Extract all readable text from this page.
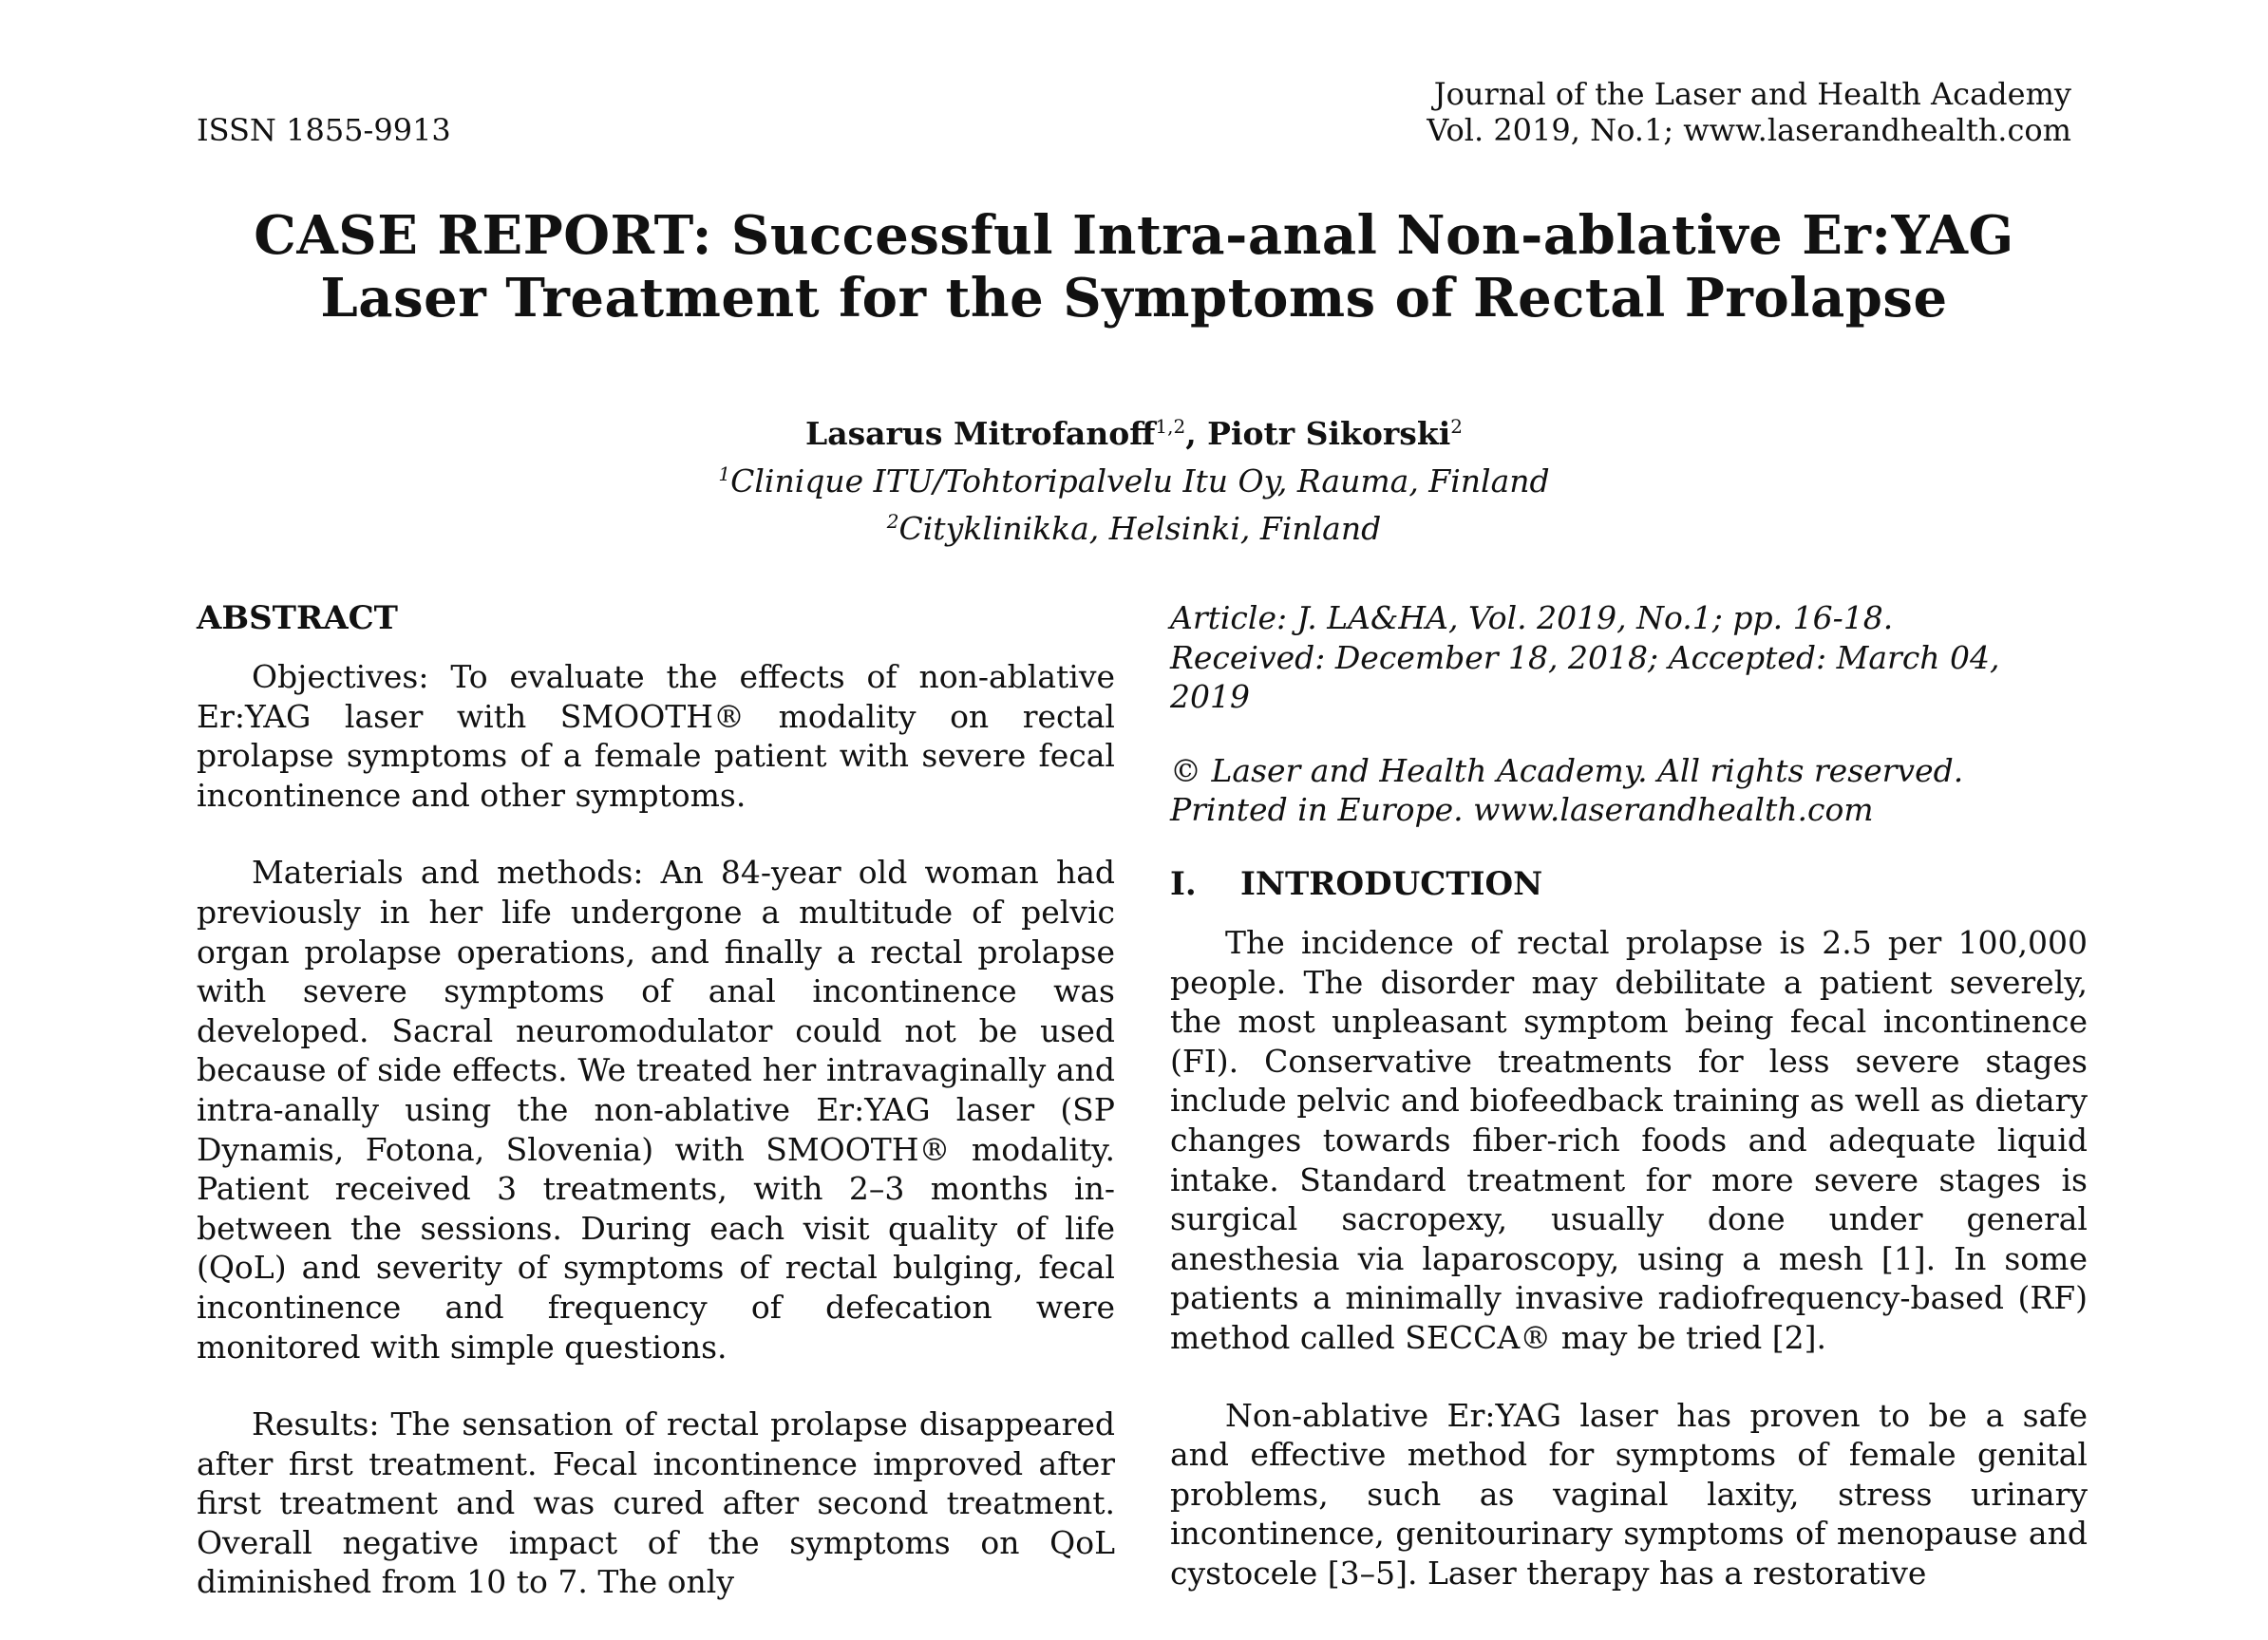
ISSN 1855-9913
Journal of the Laser and Health Academy
Vol. 2019, No.1; www.laserandhealth.com
CASE REPORT: Successful Intra-anal Non-ablative Er:YAG
Laser Treatment for the Symptoms of Rectal Prolapse
Lasarus Mitrofanoff$^{1,2}$, Piotr Sikorski$^2$
$^1$Clinique ITU/Tohtoripalvelu Itu Oy, Rauma, Finland
$^2$Cityklinikka, Helsinki, Finland
ABSTRACT

Objectives: To evaluate the effects of non-ablative Er:YAG laser with SMOOTH® modality on rectal prolapse symptoms of a female patient with severe fecal incontinence and other symptoms.

Materials and methods: An 84-year old woman had previously in her life undergone a multitude of pelvic organ prolapse operations, and finally a rectal prolapse with severe symptoms of anal incontinence was developed. Sacral neuromodulator could not be used because of side effects. We treated her intravaginally and intra-anally using the non-ablative Er:YAG laser (SP Dynamis, Fotona, Slovenia) with SMOOTH® modality. Patient received 3 treatments, with 2–3 months in-between the sessions. During each visit quality of life (QoL) and severity of symptoms of rectal bulging, fecal incontinence and frequency of defecation were monitored with simple questions.

Results: The sensation of rectal prolapse disappeared after first treatment. Fecal incontinence improved after first treatment and was cured after second treatment. Overall negative impact of the symptoms on QoL diminished from 10 to 7. The only

Article: J. LA&HA, Vol. 2019, No.1; pp. 16-18.
Received: December 18, 2018; Accepted: March 04, 2019
© Laser and Health Academy. All rights reserved.
Printed in Europe. www.laserandhealth.com
I. INTRODUCTION

The incidence of rectal prolapse is 2.5 per 100,000 people. The disorder may debilitate a patient severely, the most unpleasant symptom being fecal incontinence (FI). Conservative treatments for less severe stages include pelvic and biofeedback training as well as dietary changes towards fiber-rich foods and adequate liquid intake. Standard treatment for more severe stages is surgical sacropexy, usually done under general anesthesia via laparoscopy, using a mesh [1]. In some patients a minimally invasive radiofrequency-based (RF) method called SECCA® may be tried [2].

Non-ablative Er:YAG laser has proven to be a safe and effective method for symptoms of female genital problems, such as vaginal laxity, stress urinary incontinence, genitourinary symptoms of menopause and cystocele [3–5]. Laser therapy has a restorative
